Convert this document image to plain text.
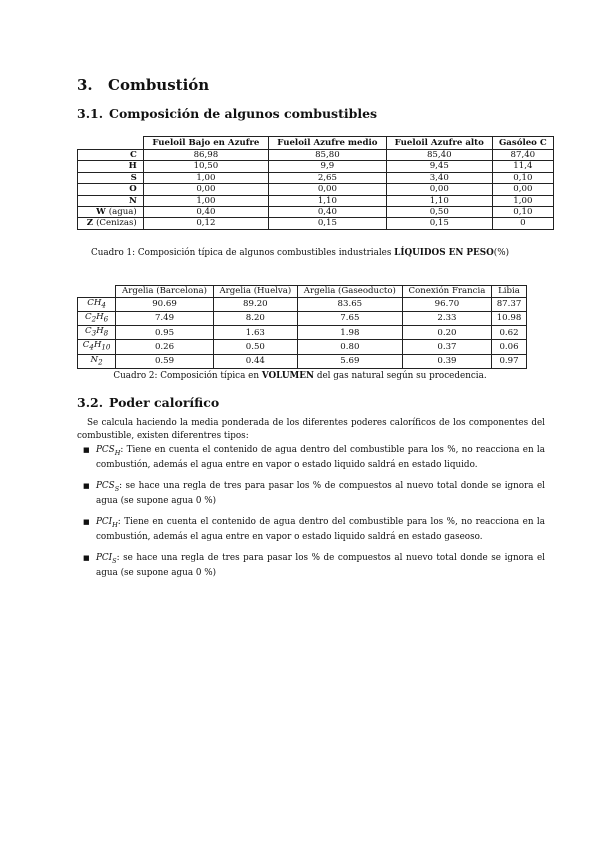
3. Combustión
3.1. Composición de algunos combustibles
	Fueloil Bajo en Azufre	Fueloil Azufre medio	Fueloil Azufre alto	Gasóleo C
C	86,98	85,80	85,40	87,40
H	10,50	9,9	9,45	11,4
S	1,00	2,65	3,40	0,10
O	0,00	0,00	0,00	0,00
N	1,00	1,10	1,10	1,00
W (agua)	0,40	0,40	0,50	0,10
Z (Cenizas)	0,12	0,15	0,15	0

Cuadro 1: Composición típica de algunos combustibles industriales LÍQUIDOS EN PESO(%)

	Argelia (Barcelona)	Argelia (Huelva)	Argelia (Gaseoducto)	Conexión Francia	Libia
$CH_4$	90.69	89.20	83.65	96.70	87.37
$C_2H_6$	7.49	8.20	7.65	2.33	10.98
$C_3H_8$	0.95	1.63	1.98	0.20	0.62
$C_4H_{10}$	0.26	0.50	0.80	0.37	0.06
$N_2$	0.59	0.44	5.69	0.39	0.97

Cuadro 2: Composición típica en VOLUMEN del gas natural según su procedencia.

3.2. Poder calorífico

Se calcula haciendo la media ponderada de los diferentes poderes caloríficos de los componentes del combustible, existen diferentres tipos:

■ $PCS_H$: Tiene en cuenta el contenido de agua dentro del combustible para los %, no reacciona en la combustión, además el agua entre en vapor o estado liquido saldrá en estado liquido.
■ $PCS_S$: se hace una regla de tres para pasar los % de compuestos al nuevo total donde se ignora el agua (se supone agua 0 %)
■ $PCI_H$: Tiene en cuenta el contenido de agua dentro del combustible para los %, no reacciona en la combustión, además el agua entre en vapor o estado liquido saldrá en estado gaseoso.
■ $PCI_S$: se hace una regla de tres para pasar los % de compuestos al nuevo total donde se ignora el agua (se supone agua 0 %)
